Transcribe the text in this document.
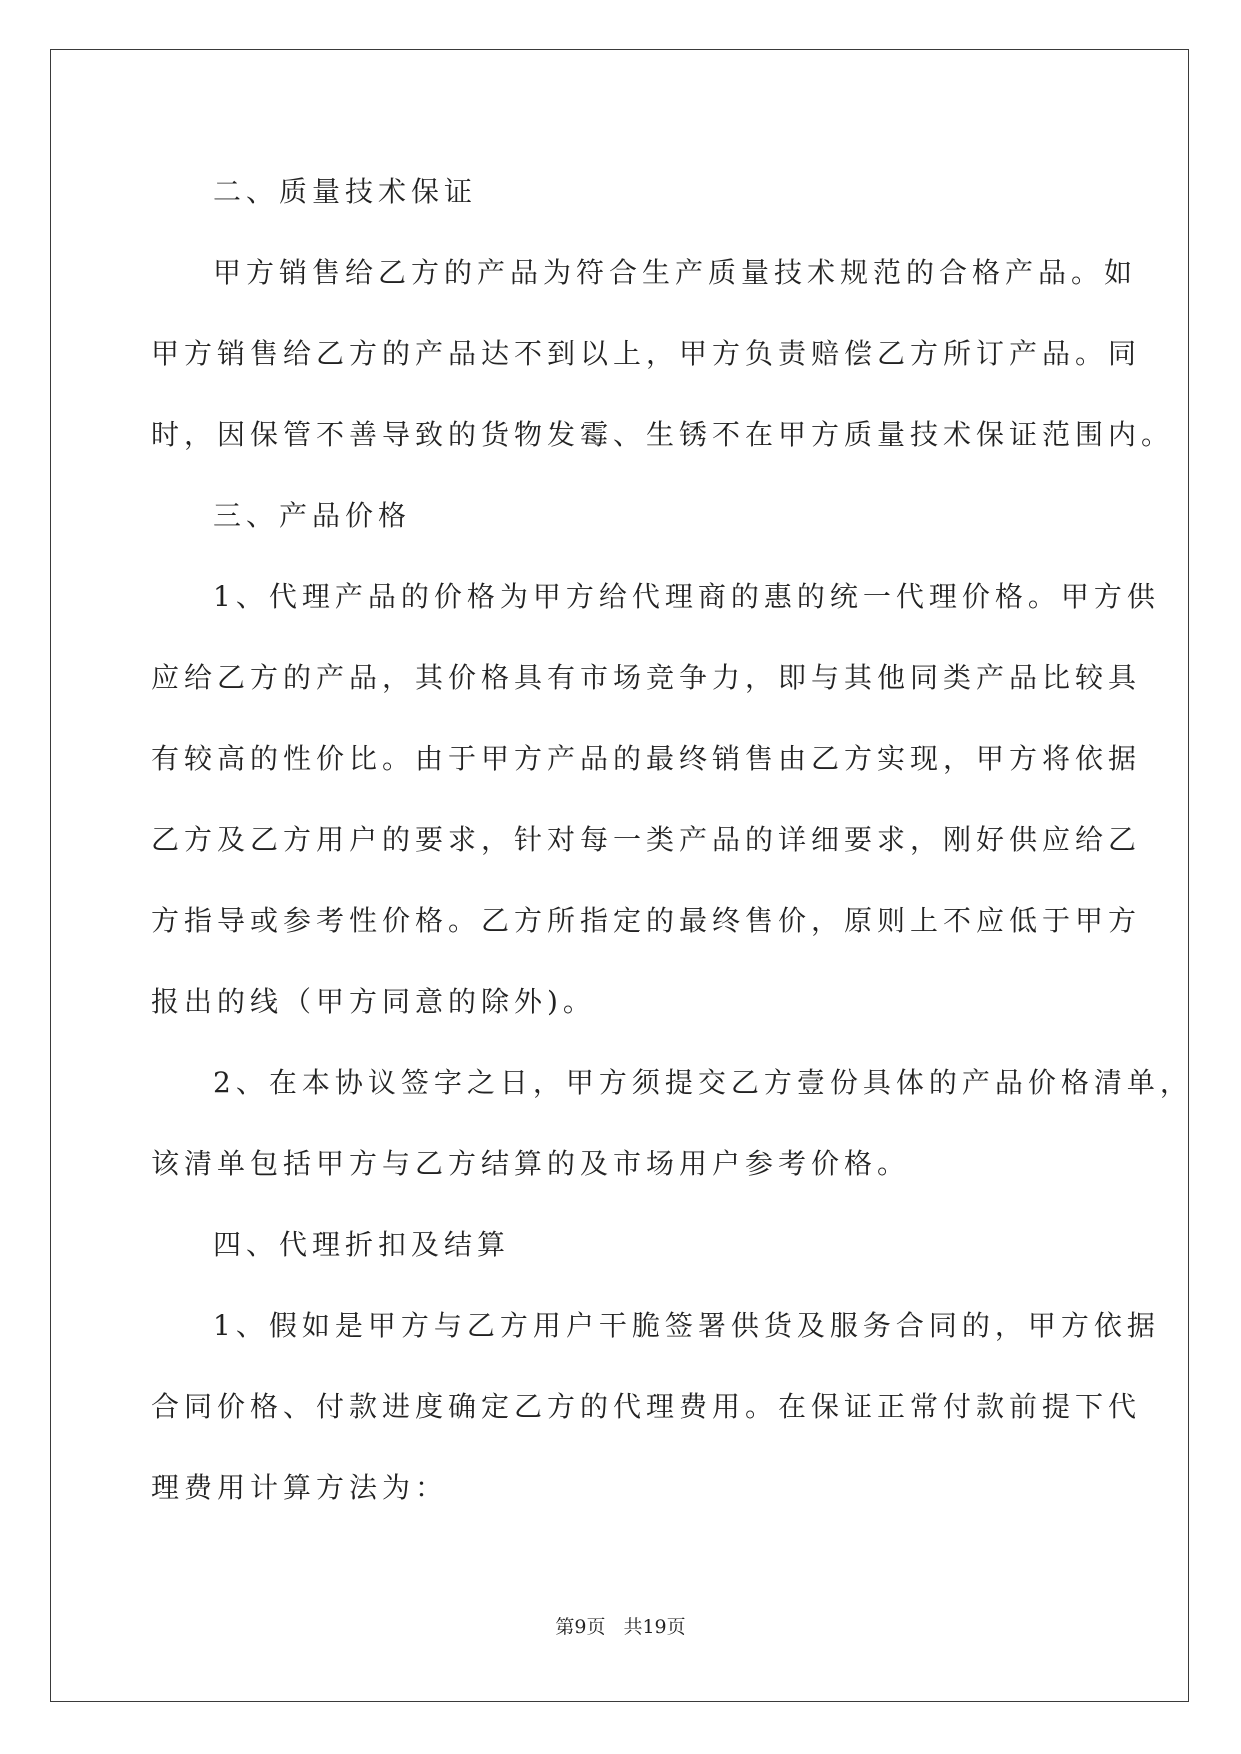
二、质量技术保证
甲方销售给乙方的产品为符合生产质量技术规范的合格产品。如
甲方销售给乙方的产品达不到以上，甲方负责赔偿乙方所订产品。同
时，因保管不善导致的货物发霉、生锈不在甲方质量技术保证范围内。
三、产品价格
1、代理产品的价格为甲方给代理商的惠的统一代理价格。甲方供
应给乙方的产品，其价格具有市场竞争力，即与其他同类产品比较具
有较高的性价比。由于甲方产品的最终销售由乙方实现，甲方将依据
乙方及乙方用户的要求，针对每一类产品的详细要求，刚好供应给乙
方指导或参考性价格。乙方所指定的最终售价，原则上不应低于甲方
报出的线（甲方同意的除外)。
2、在本协议签字之日，甲方须提交乙方壹份具体的产品价格清单，
该清单包括甲方与乙方结算的及市场用户参考价格。
四、代理折扣及结算
1、假如是甲方与乙方用户干脆签署供货及服务合同的，甲方依据
合同价格、付款进度确定乙方的代理费用。在保证正常付款前提下代
理费用计算方法为：
第9页 共19页
